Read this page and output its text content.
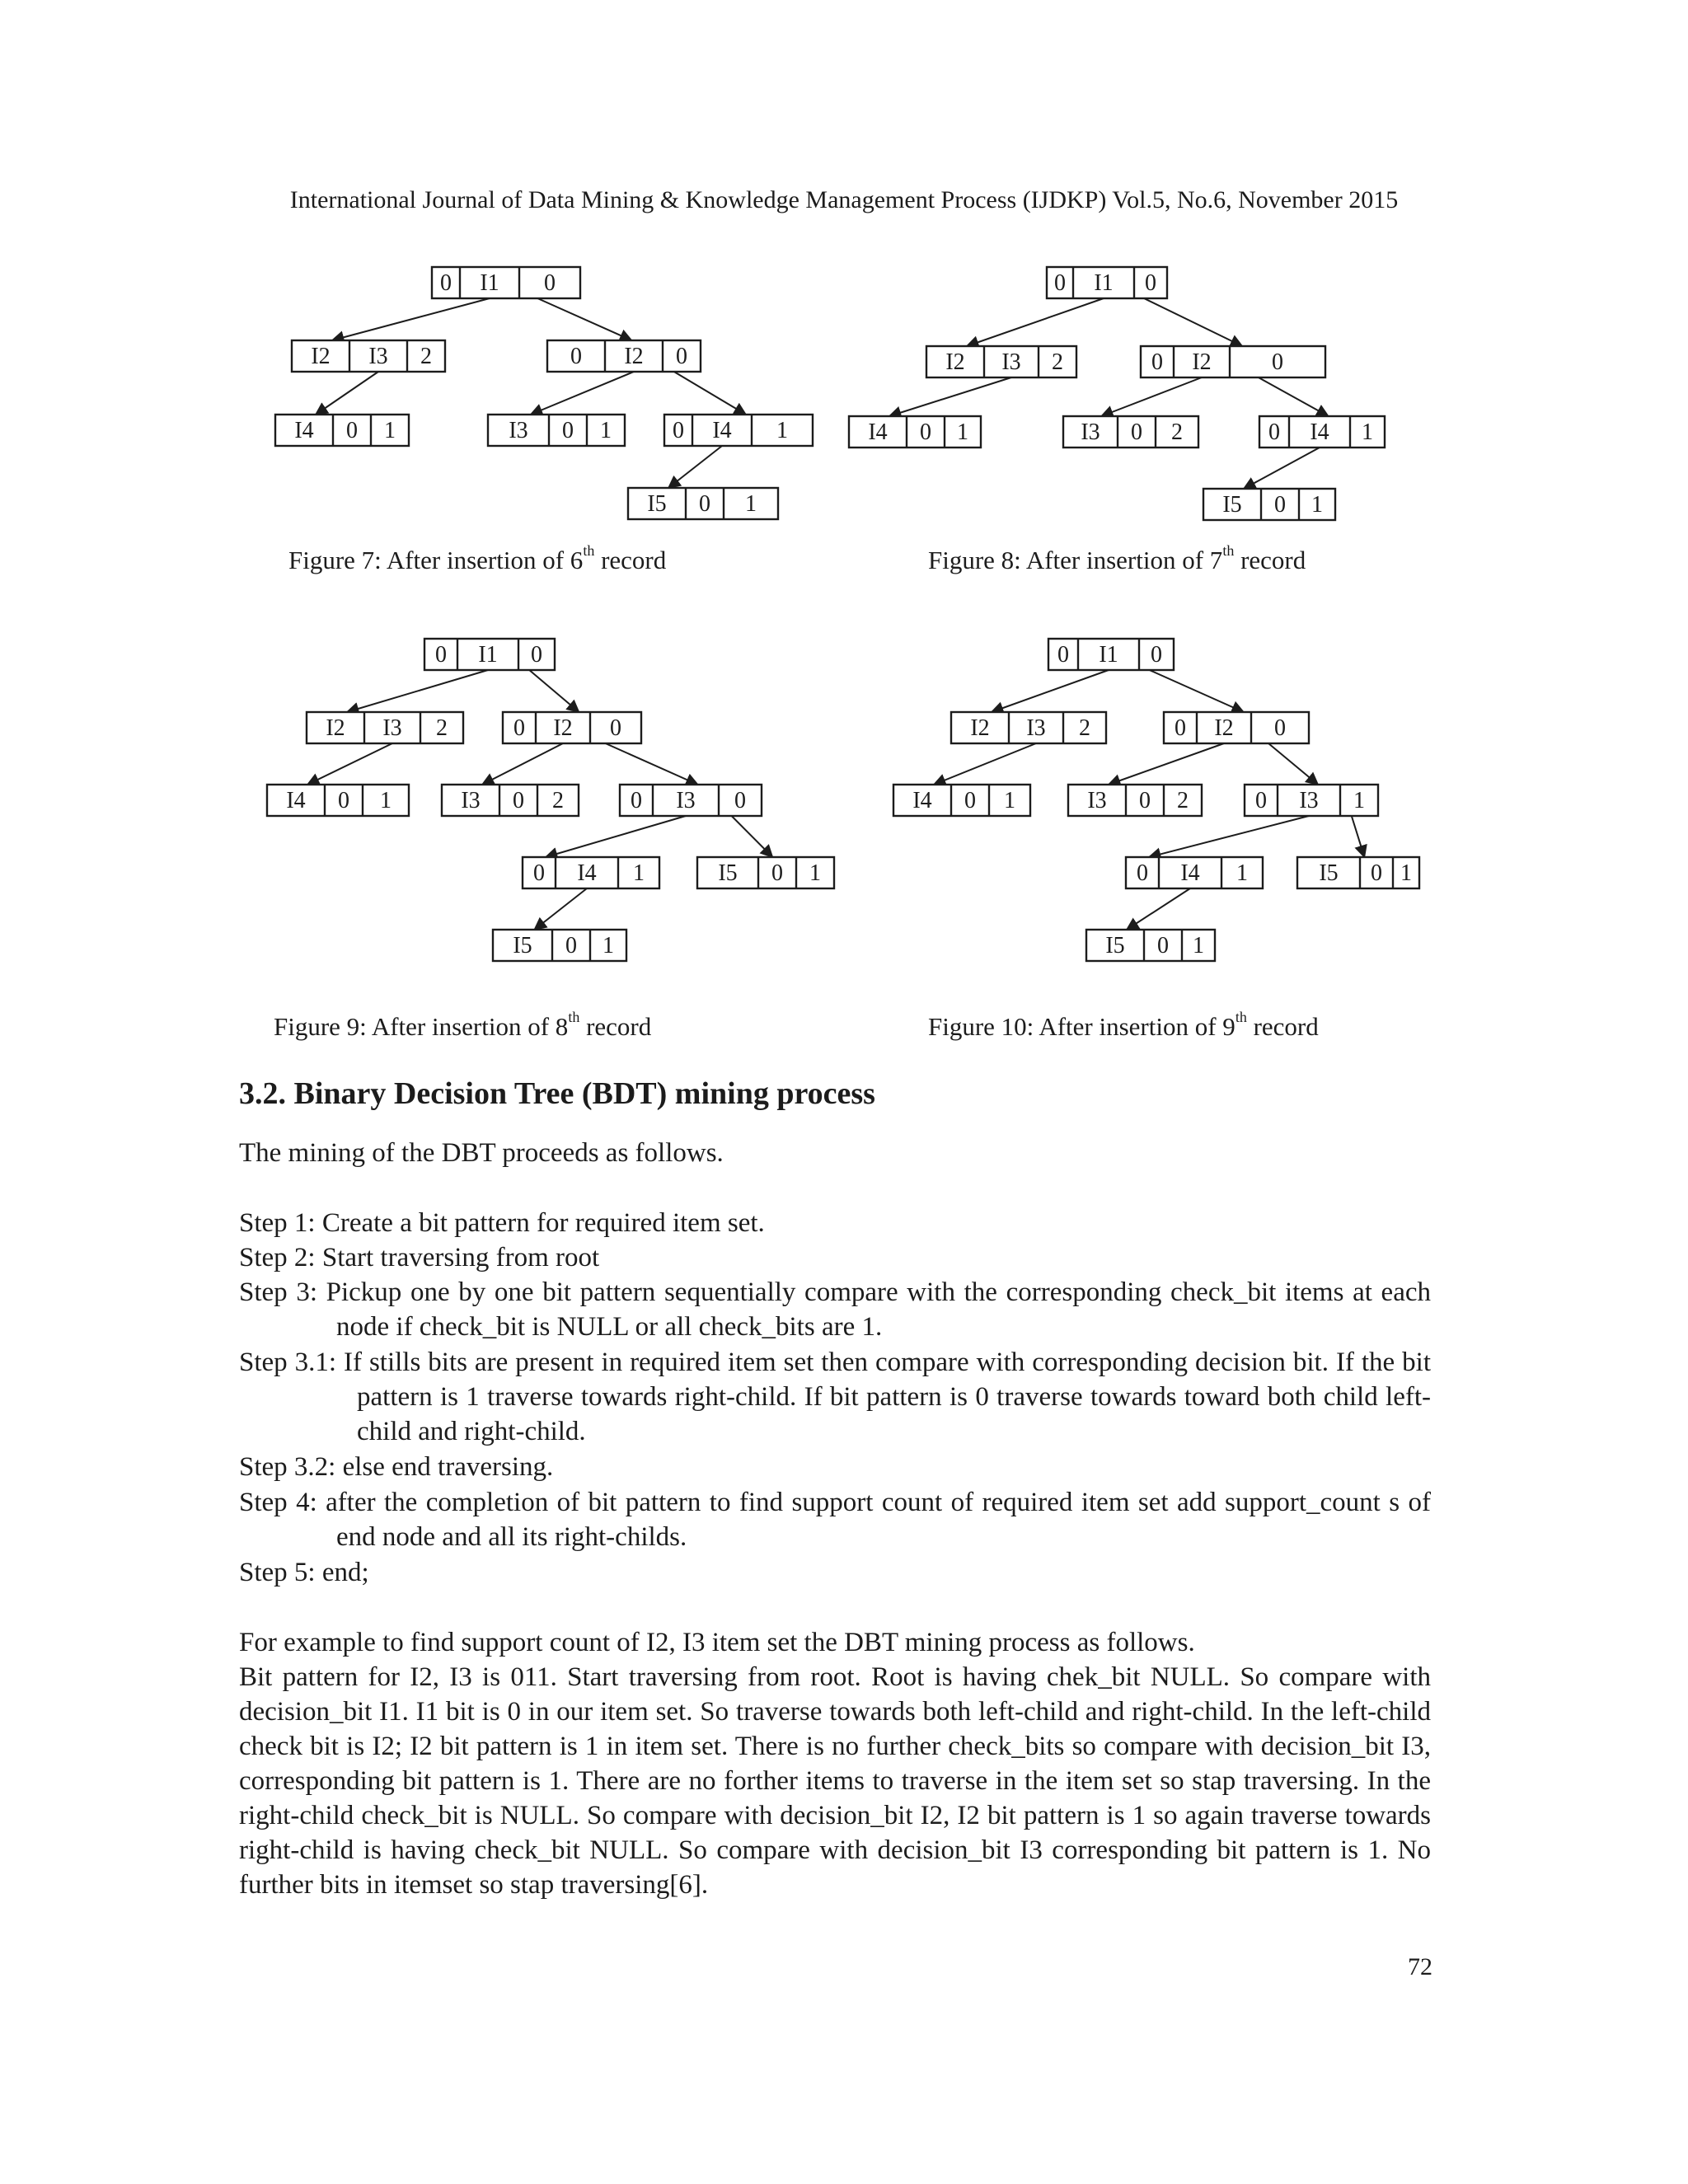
International Journal of Data Mining & Knowledge Management Process (IJDKP) Vol.5, No.6, November 2015
0 I1 0
I2 I3 2	0 I2 0
I4 0 1	I3 0 1	0 I4 1
I5 0 1
Figure 7: After insertion of 6th record
0 I1 0
I2 I3 2	0 I2	0
I4 0 1	I3 0 2	0 I4 1
I5 0 1
Figure 8: After insertion of 7th record
0 I1 0
I2 I3 2	0 I2 0
I4 0 1	I3 0 2	0 I3 0
0 I4 1	I5 0 1
I5 0 1
Figure 9: After insertion of 8th record
0 I1 0
I2 I3 2	0 I2 0
I4 0 1	I3 0 2	0 I3 1
0 I4 1	I5 0 1
I5 0 1
Figure 10: After insertion of 9th record
3.2. Binary Decision Tree (BDT) mining process

The mining of the DBT proceeds as follows.

Step 1: Create a bit pattern for required item set.
Step 2: Start traversing from root
Step 3: Pickup one by one bit pattern sequentially compare with the corresponding check_bit items at each node if check_bit is NULL or all check_bits are 1.
Step 3.1: If stills bits are present in required item set then compare with corresponding decision bit. If the bit pattern is 1 traverse towards right-child. If bit pattern is 0 traverse towards toward both child left-child and right-child.
Step 3.2: else end traversing.
Step 4: after the completion of bit pattern to find support count of required item set add support_count s of end node and all its right-childs.
Step 5: end;

For example to find support count of I2, I3 item set the DBT mining process as follows.

Bit pattern for I2, I3 is 011. Start traversing from root. Root is having chek_bit NULL. So compare with decision_bit I1. I1 bit is 0 in our item set. So traverse towards both left-child and right-child. In the left-child check bit is I2; I2 bit pattern is 1 in item set. There is no further check_bits so compare with decision_bit I3, corresponding bit pattern is 1. There are no forther items to traverse in the item set so stap traversing. In the right-child check_bit is NULL. So compare with decision_bit I2, I2 bit pattern is 1 so again traverse towards right-child is having check_bit NULL. So compare with decision_bit I3 corresponding bit pattern is 1. No further bits in itemset so stap traversing[6].

72
